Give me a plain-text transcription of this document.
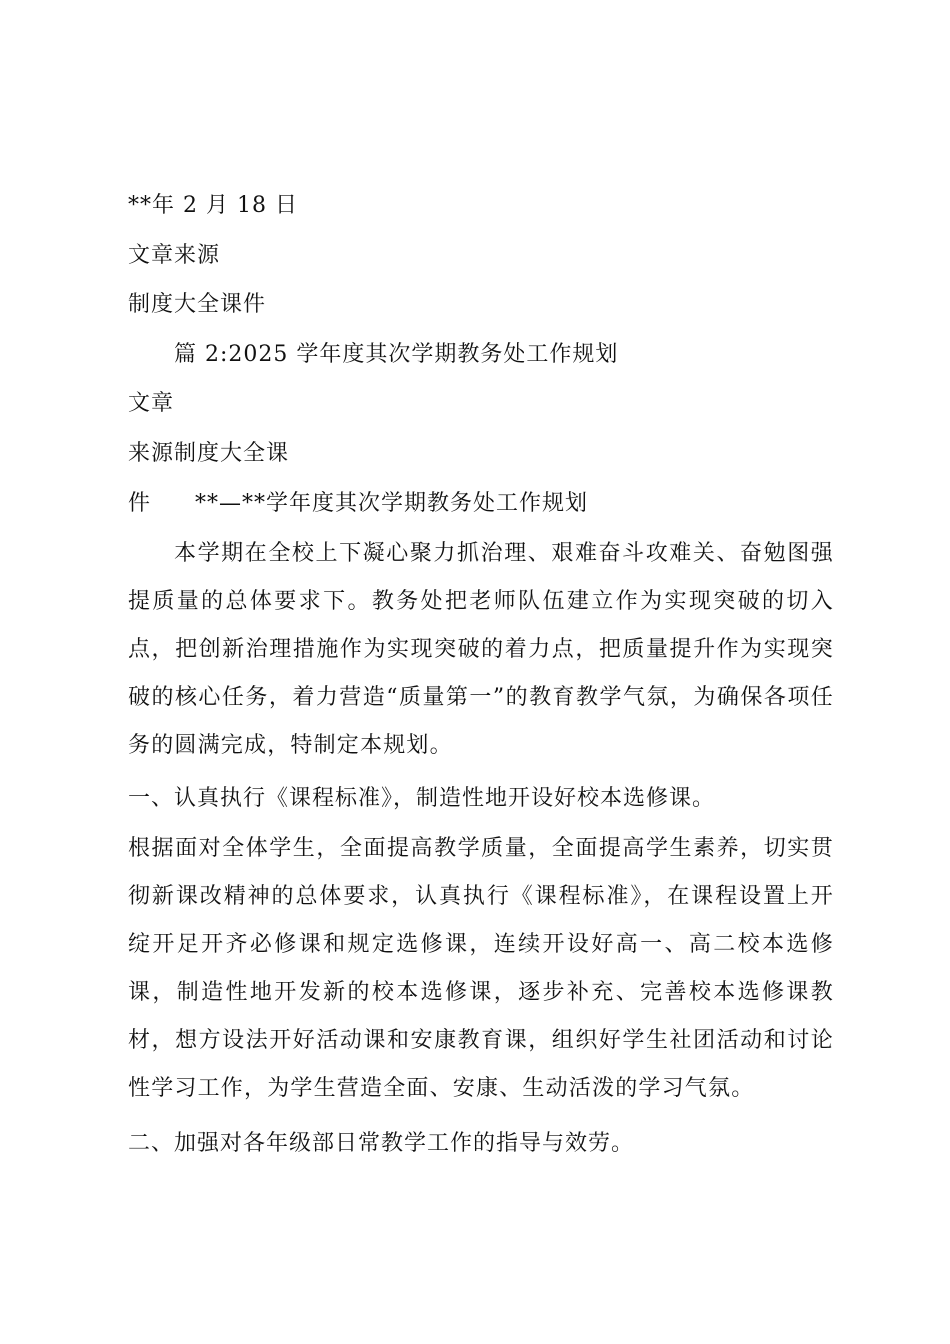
**年 2 月 18 日
文章来源
制度大全课件
篇 2:2025 学年度其次学期教务处工作规划
文章
来源制度大全课
件 **—**学年度其次学期教务处工作规划
本学期在全校上下凝心聚力抓治理、艰难奋斗攻难关、奋勉图强提质量的总体要求下。教务处把老师队伍建立作为实现突破的切入点，把创新治理措施作为实现突破的着力点，把质量提升作为实现突破的核心任务，着力营造“质量第一”的教育教学气氛，为确保各项任务的圆满完成，特制定本规划。
一、认真执行《课程标准》，制造性地开设好校本选修课。
根据面对全体学生，全面提高教学质量，全面提高学生素养，切实贯彻新课改精神的总体要求，认真执行《课程标准》，在课程设置上开绽开足开齐必修课和规定选修课，连续开设好高一、高二校本选修课，制造性地开发新的校本选修课，逐步补充、完善校本选修课教材，想方设法开好活动课和安康教育课，组织好学生社团活动和讨论性学习工作，为学生营造全面、安康、生动活泼的学习气氛。
二、加强对各年级部日常教学工作的指导与效劳。
